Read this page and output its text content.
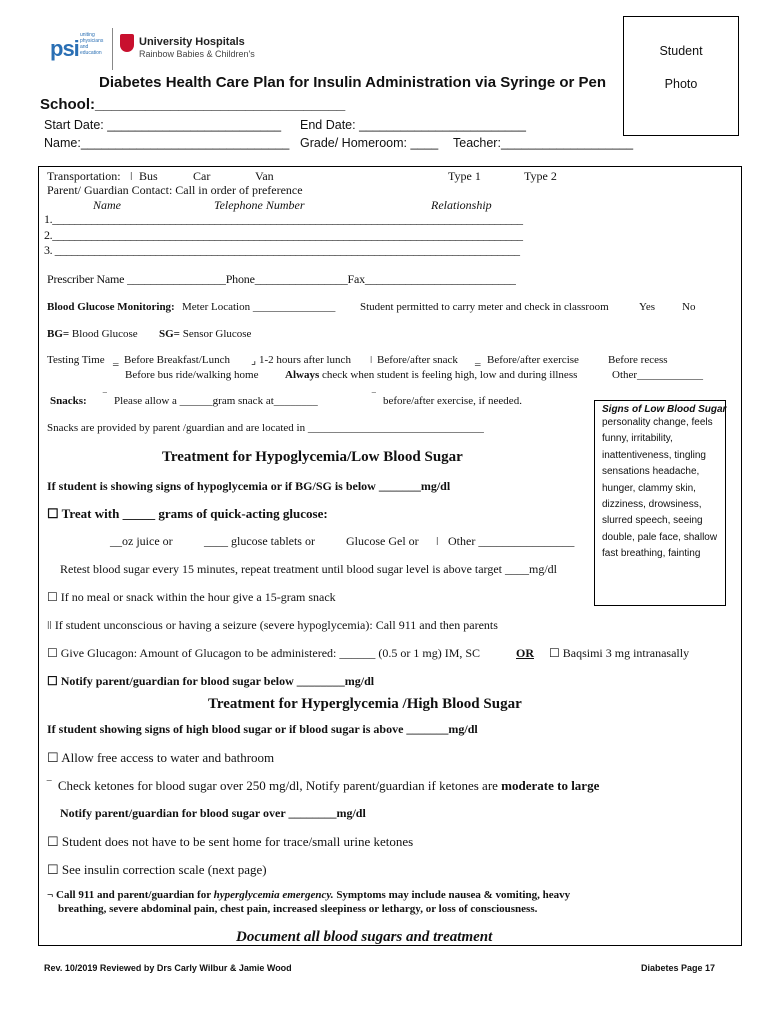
psi
uniting physicians and education
University Hospitals
Rainbow Babies & Children's	Student
Photo
Diabetes Health Care Plan for Insulin Administration via Syringe or Pen
School:______________________________
Start Date: _________________________ End Date: ________________________
Name:______________________________ Grade/ Homeroom: ____ Teacher:___________________
Transportation: ǀ Bus	Car	Van	Type 1	Type 2
Parent/ Guardian Contact: Call in order of preference
Name	Telephone Number	Relationship
1.____________________________________________________________________________________
2.____________________________________________________________________________________
3. ___________________________________________________________________________________
Prescriber Name _________________Phone________________Fax__________________________
Blood Glucose Monitoring: Meter Location _______________ Student permitted to carry meter and check in classroom	Yes No
BG= Blood Glucose SG= Sensor Glucose
Testing Time ‗ Before Breakfast/Lunch ⌟ 1-2 hours after lunch ǀ Before/after snack ‗ Before/after exercise	Before recess
Before bus ride/walking home Always check when student is feeling high, low and during illness	Other____________
Snacks: ‾ Please allow a ______gram snack at________	‾ before/after exercise, if needed.
Snacks are provided by parent /guardian and are located in ________________________________
Signs of Low Blood Sugar
personality change, feels funny, irritability, inattentiveness, tingling sensations headache, hunger, clammy skin, dizziness, drowsiness, slurred speech, seeing double, pale face, shallow fast breathing, fainting
Treatment for Hypoglycemia/Low Blood Sugar
If student is showing signs of hypoglycemia or if BG/SG is below _______mg/dl
☐ Treat with _____ grams of quick-acting glucose:
__oz juice or	____ glucose tablets or	Glucose Gel or ǀ Other ________________
Retest blood sugar every 15 minutes, repeat treatment until blood sugar level is above target ____mg/dl
☐ If no meal or snack within the hour give a 15-gram snack
ǀǀ If student unconscious or having a seizure (severe hypoglycemia): Call 911 and then parents
☐ Give Glucagon: Amount of Glucagon to be administered: ______ (0.5 or 1 mg) IM, SC	OR ☐ Baqsimi 3 mg intranasally
☐ Notify parent/guardian for blood sugar below ________mg/dl
Treatment for Hyperglycemia /High Blood Sugar
If student showing signs of high blood sugar or if blood sugar is above _______mg/dl
☐ Allow free access to water and bathroom
‾ Check ketones for blood sugar over 250 mg/dl, Notify parent/guardian if ketones are moderate to large
Notify parent/guardian for blood sugar over ________mg/dl
☐ Student does not have to be sent home for trace/small urine ketones
☐ See insulin correction scale (next page)
¬ Call 911 and parent/guardian for hyperglycemia emergency. Symptoms may include nausea & vomiting, heavy
breathing, severe abdominal pain, chest pain, increased sleepiness or lethargy, or loss of consciousness.
Document all blood sugars and treatment
Rev. 10/2019 Reviewed by Drs Carly Wilbur & Jamie Wood	Diabetes Page 17
